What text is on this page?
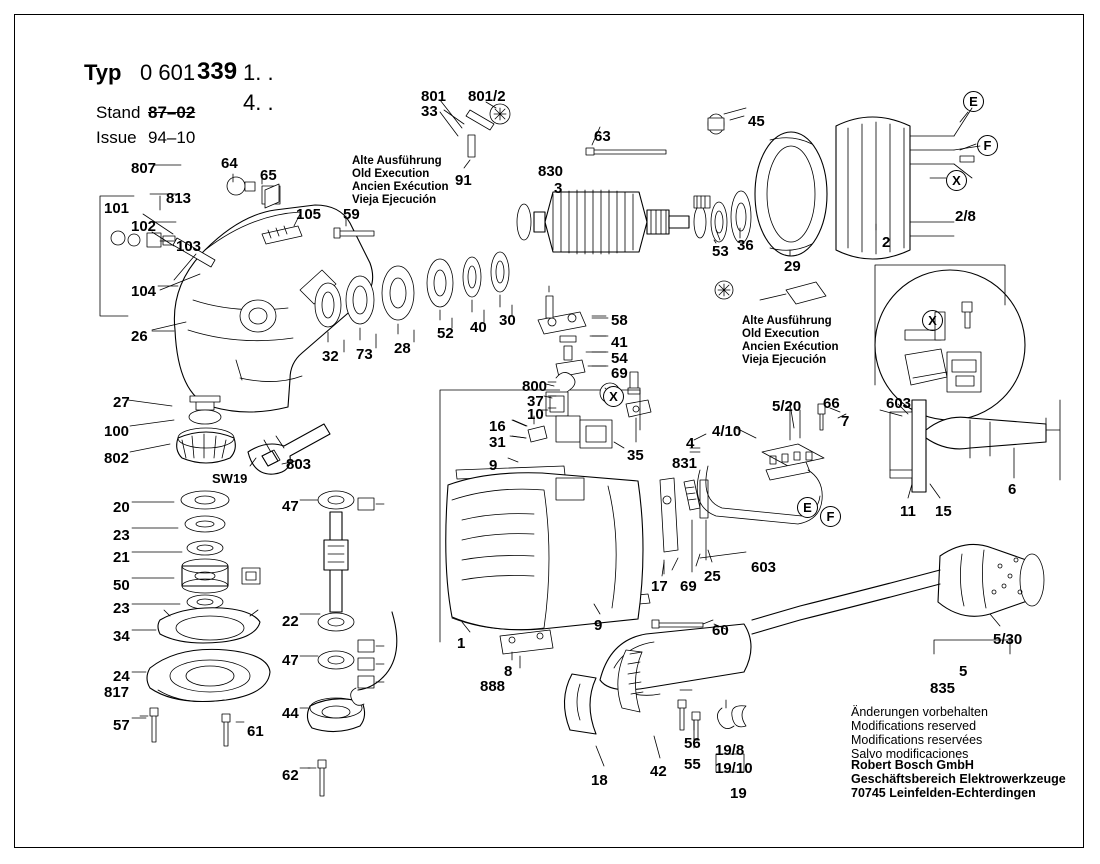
Typ 0 601 339 1. .
4. .
Stand 87–02
Issue 94–10
Alte Ausführung
Old Execution
Ancien Exécution
Vieja Ejecución
Alte Ausführung
Old Execution
Ancien Exécution
Vieja Ejecución
Änderungen vorbehalten
Modifications reserved
Modifications reservées
Salvo modificaciones
Robert Bosch GmbH
Geschäftsbereich Elektrowerkzeuge
70745 Leinfelden-Echterdingen
807
813
101
102
103
104
26
64
65
105 59
27
100
802	803
SW19
20
23
21
50
23
34
24
817
57	61
47
22
47
44
62
32 73 28
52 40 30
801
33
801/2
91
63
45
830
3
53 36
29
2
2/8
58
41
54
69
800
37
10
16
31
35
9	831
4
4/10
5/20 66
7
603
11 15
6
603
17 69
25
1
8
888
9	60
18
42 55
56 19/8
19/10
19
5/30
5
835
E
F
X
X
X
E
F
